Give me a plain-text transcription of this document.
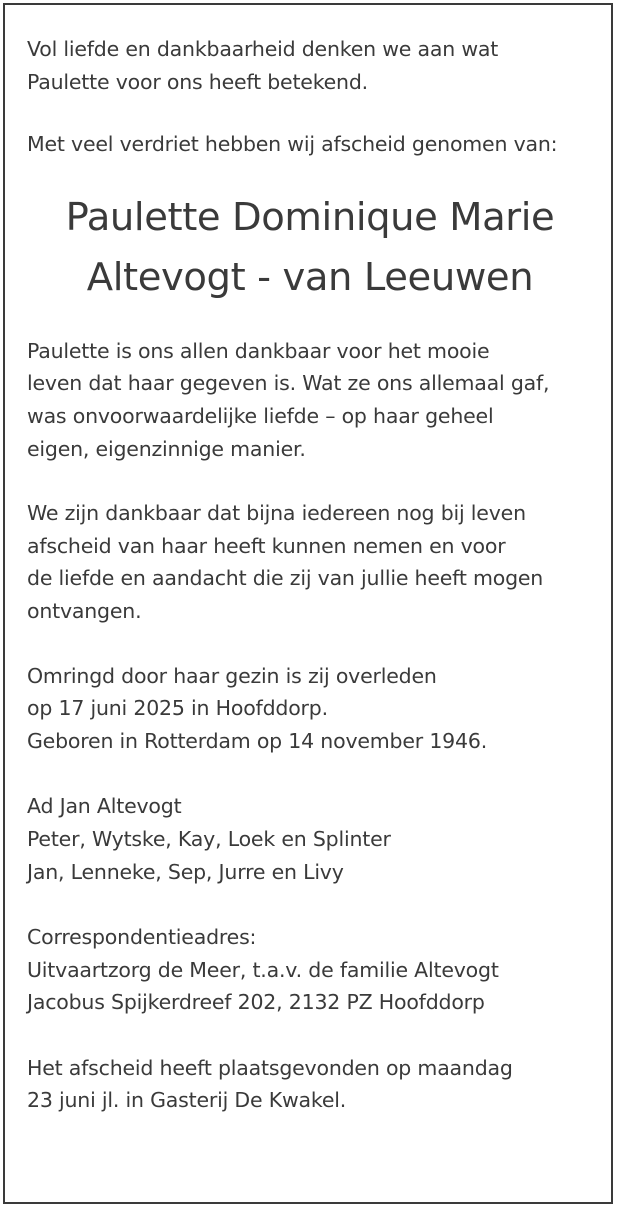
Vol liefde en dankbaarheid denken we aan wat
Paulette voor ons heeft betekend.
Met veel verdriet hebben wij afscheid genomen van:
Paulette Dominique Marie
Altevogt - van Leeuwen
Paulette is ons allen dankbaar voor het mooie
leven dat haar gegeven is. Wat ze ons allemaal gaf,
was onvoorwaardelijke liefde – op haar geheel
eigen, eigenzinnige manier.
We zijn dankbaar dat bijna iedereen nog bij leven
afscheid van haar heeft kunnen nemen en voor
de liefde en aandacht die zij van jullie heeft mogen
ontvangen.
Omringd door haar gezin is zij overleden
op 17 juni 2025 in Hoofddorp.
Geboren in Rotterdam op 14 november 1946.
Ad Jan Altevogt
Peter, Wytske, Kay, Loek en Splinter
Jan, Lenneke, Sep, Jurre en Livy
Correspondentieadres:
Uitvaartzorg de Meer, t.a.v. de familie Altevogt
Jacobus Spijkerdreef 202, 2132 PZ Hoofddorp
Het afscheid heeft plaatsgevonden op maandag
23 juni jl. in Gasterij De Kwakel.
